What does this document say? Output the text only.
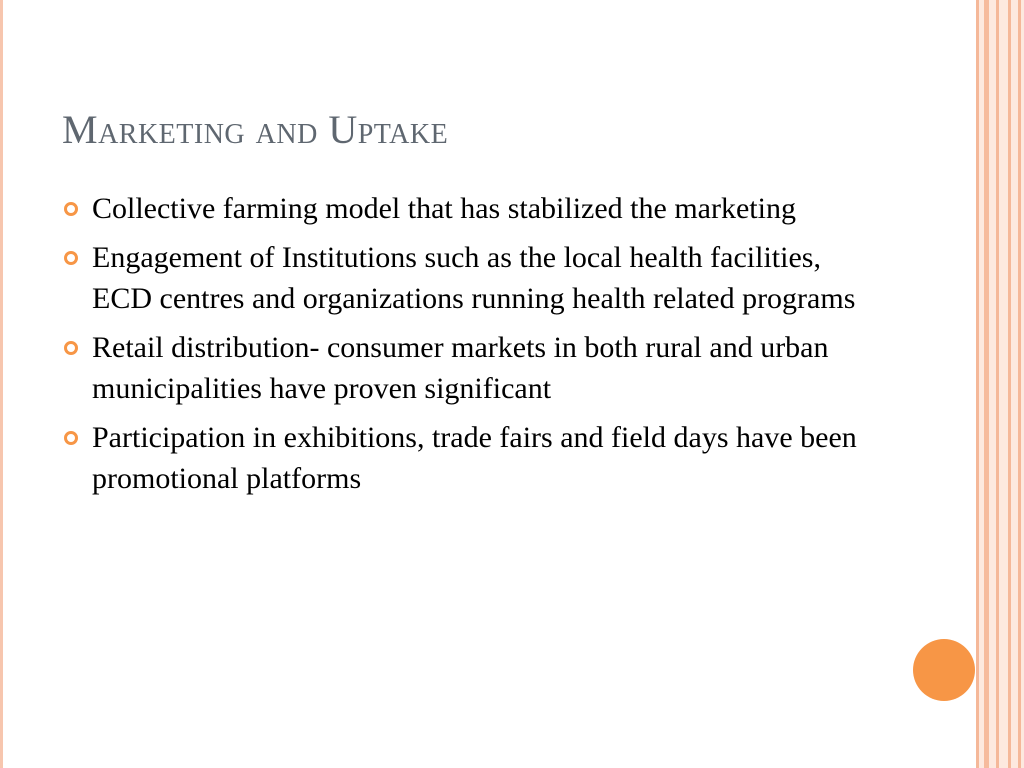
Marketing and Uptake
Collective farming model that has stabilized the marketing
Engagement of Institutions such as the local health facilities, ECD centres and organizations running health related programs
Retail distribution- consumer markets in both rural and urban municipalities have proven significant
Participation in exhibitions, trade fairs and field days have been promotional platforms
